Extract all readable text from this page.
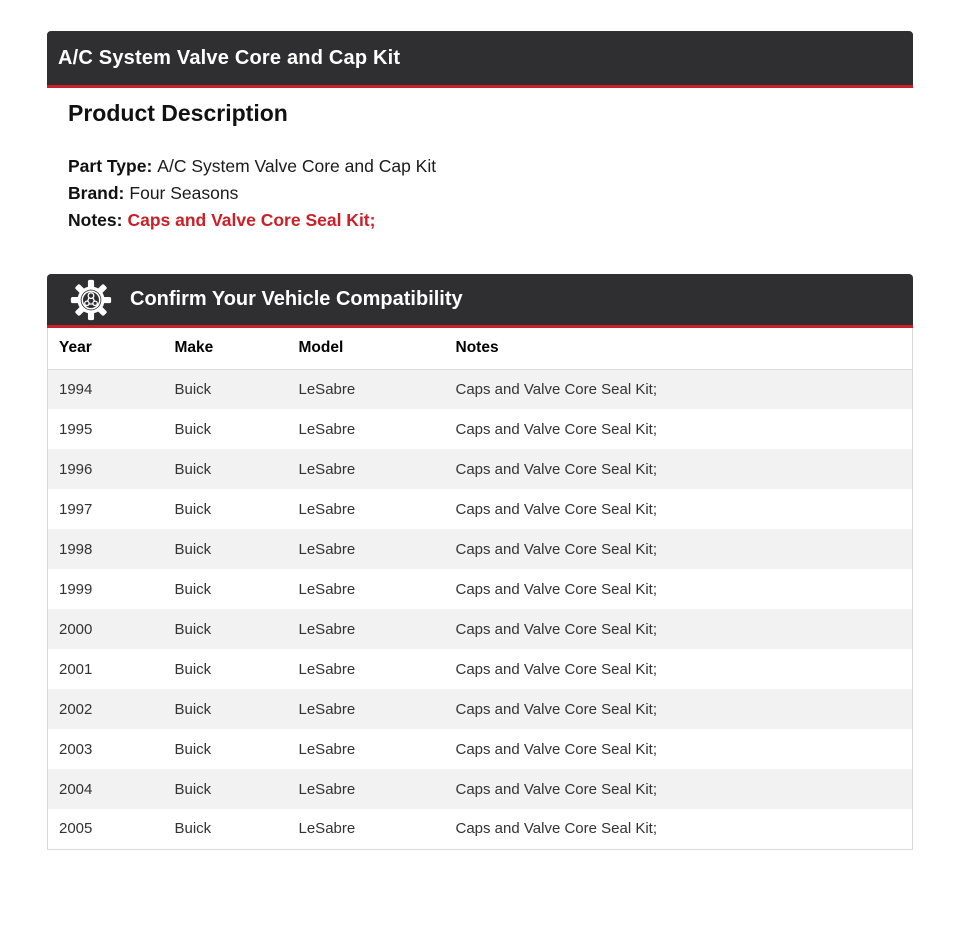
A/C System Valve Core and Cap Kit
Product Description
Part Type: A/C System Valve Core and Cap Kit
Brand: Four Seasons
Notes: Caps and Valve Core Seal Kit;
Confirm Your Vehicle Compatibility
Year	Make	Model	Notes
1994	Buick	LeSabre	Caps and Valve Core Seal Kit;
1995	Buick	LeSabre	Caps and Valve Core Seal Kit;
1996	Buick	LeSabre	Caps and Valve Core Seal Kit;
1997	Buick	LeSabre	Caps and Valve Core Seal Kit;
1998	Buick	LeSabre	Caps and Valve Core Seal Kit;
1999	Buick	LeSabre	Caps and Valve Core Seal Kit;
2000	Buick	LeSabre	Caps and Valve Core Seal Kit;
2001	Buick	LeSabre	Caps and Valve Core Seal Kit;
2002	Buick	LeSabre	Caps and Valve Core Seal Kit;
2003	Buick	LeSabre	Caps and Valve Core Seal Kit;
2004	Buick	LeSabre	Caps and Valve Core Seal Kit;
2005	Buick	LeSabre	Caps and Valve Core Seal Kit;
